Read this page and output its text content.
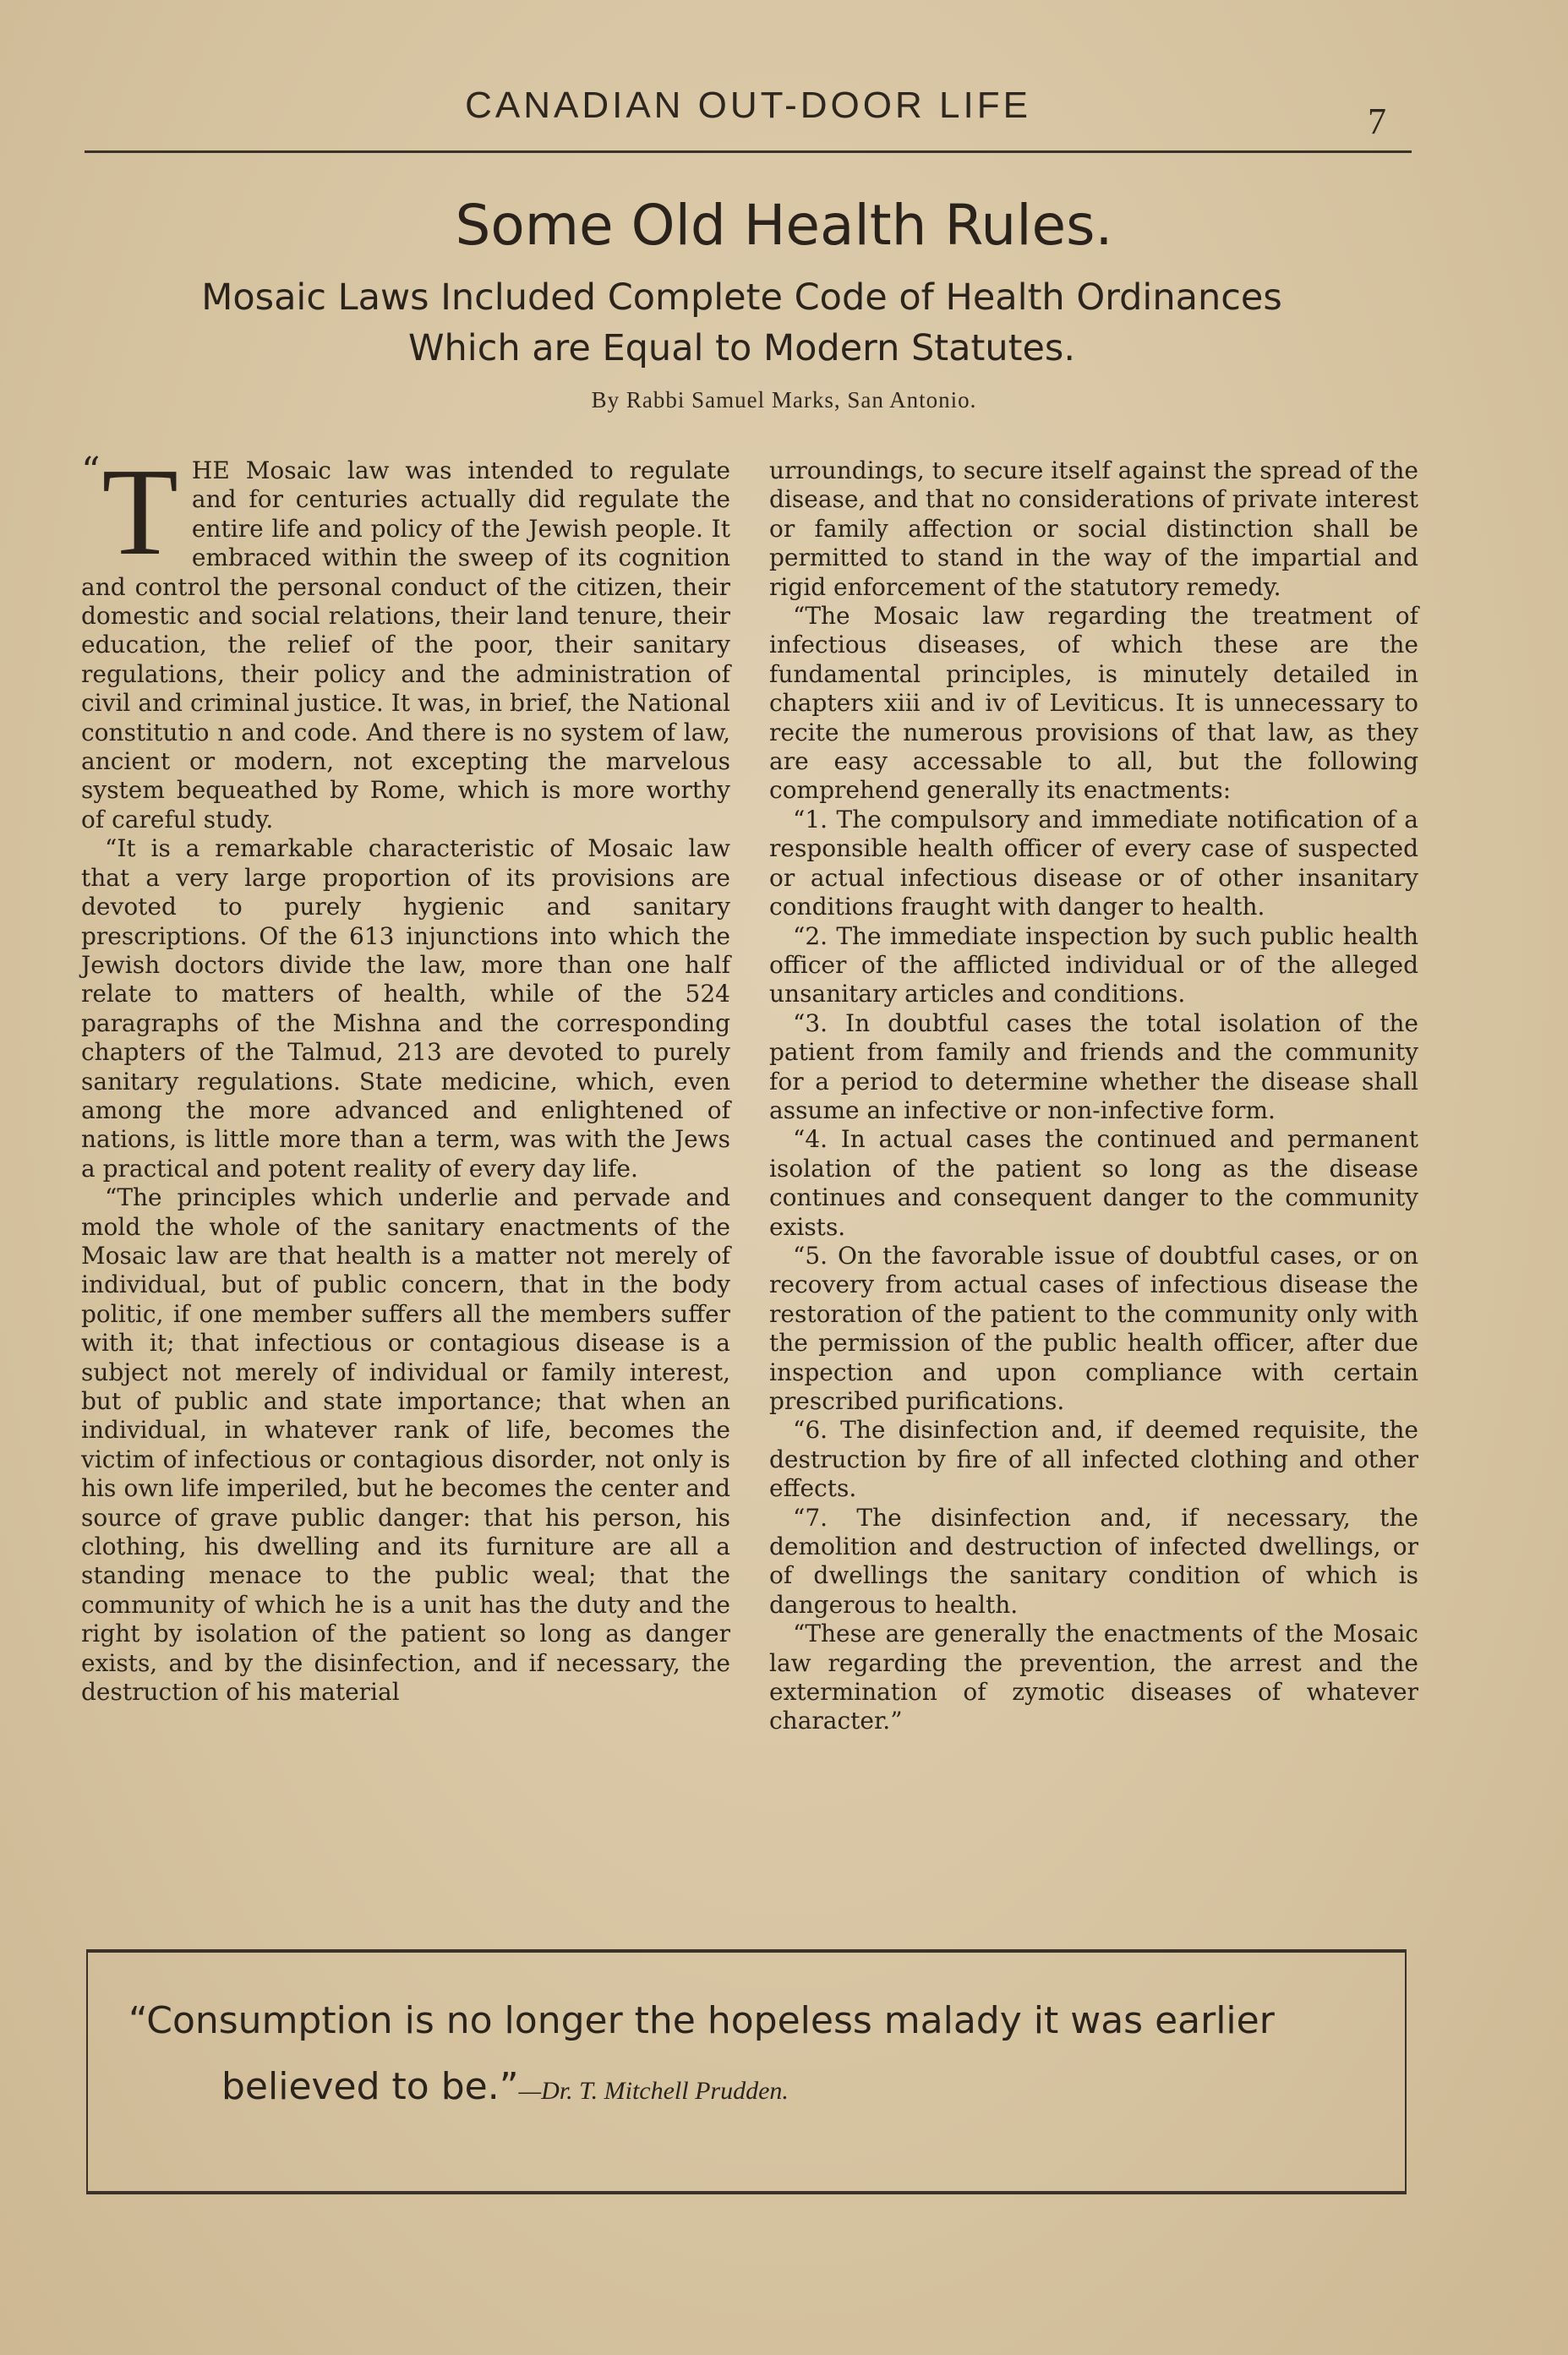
CANADIAN OUT-DOOR LIFE	7
Some Old Health Rules.
Mosaic Laws Included Complete Code of Health Ordinances
Which are Equal to Modern Statutes.
By Rabbi Samuel Marks, San Antonio.

“ T HE Mosaic law was intended to regulate and for centuries actually did regulate the entire life and policy of the Jewish people. It embraced within the sweep of its cognition and control the personal conduct of the citizen, their domestic and social relations, their land tenure, their education, the relief of the poor, their sanitary regulations, their policy and the administration of civil and criminal justice. It was, in brief, the National constitutio n and code. And there is no system of law, ancient or modern, not excepting the marvelous system bequeathed by Rome, which is more worthy of careful study.

“It is a remarkable characteristic of Mosaic law that a very large proportion of its provisions are devoted to purely hygienic and sanitary prescriptions. Of the 613 injunctions into which the Jewish doctors divide the law, more than one half relate to matters of health, while of the 524 paragraphs of the Mishna and the corresponding chapters of the Talmud, 213 are devoted to purely sanitary regulations. State medicine, which, even among the more advanced and enlightened of nations, is little more than a term, was with the Jews a practical and potent reality of every day life.

“The principles which underlie and pervade and mold the whole of the sanitary enactments of the Mosaic law are that health is a matter not merely of individual, but of public concern, that in the body politic, if one member suffers all the members suffer with it; that infectious or contagious disease is a subject not merely of individual or family interest, but of public and state importance; that when an individual, in whatever rank of life, becomes the victim of infectious or contagious disorder, not only is his own life imperiled, but he becomes the center and source of grave public danger: that his person, his clothing, his dwelling and its furniture are all a standing menace to the public weal; that the community of which he is a unit has the duty and the right by isolation of the patient so long as danger exists, and by the disinfection, and if necessary, the destruction of his material

urroundings, to secure itself against the spread of the disease, and that no considerations of private interest or family affection or social distinction shall be permitted to stand in the way of the impartial and rigid enforcement of the statutory remedy.

“The Mosaic law regarding the treatment of infectious diseases, of which these are the fundamental principles, is minutely detailed in chapters xiii and iv of Leviticus. It is unnecessary to recite the numerous provisions of that law, as they are easy accessable to all, but the following comprehend generally its enactments:

“1. The compulsory and immediate notification of a responsible health officer of every case of suspected or actual infectious disease or of other insanitary conditions fraught with danger to health.

“2. The immediate inspection by such public health officer of the afflicted individual or of the alleged unsanitary articles and conditions.

“3. In doubtful cases the total isolation of the patient from family and friends and the community for a period to determine whether the disease shall assume an infective or non-infective form.

“4. In actual cases the continued and permanent isolation of the patient so long as the disease continues and consequent danger to the community exists.

“5. On the favorable issue of doubtful cases, or on recovery from actual cases of infectious disease the restoration of the patient to the community only with the permission of the public health officer, after due inspection and upon compliance with certain prescribed purifications.

“6. The disinfection and, if deemed requisite, the destruction by fire of all infected clothing and other effects.

“7. The disinfection and, if necessary, the demolition and destruction of infected dwellings, or of dwellings the sanitary condition of which is dangerous to health.

“These are generally the enactments of the Mosaic law regarding the prevention, the arrest and the extermination of zymotic diseases of whatever character.”

“Consumption is no longer the hopeless malady it was earlier
believed to be.”—Dr. T. Mitchell Prudden.
